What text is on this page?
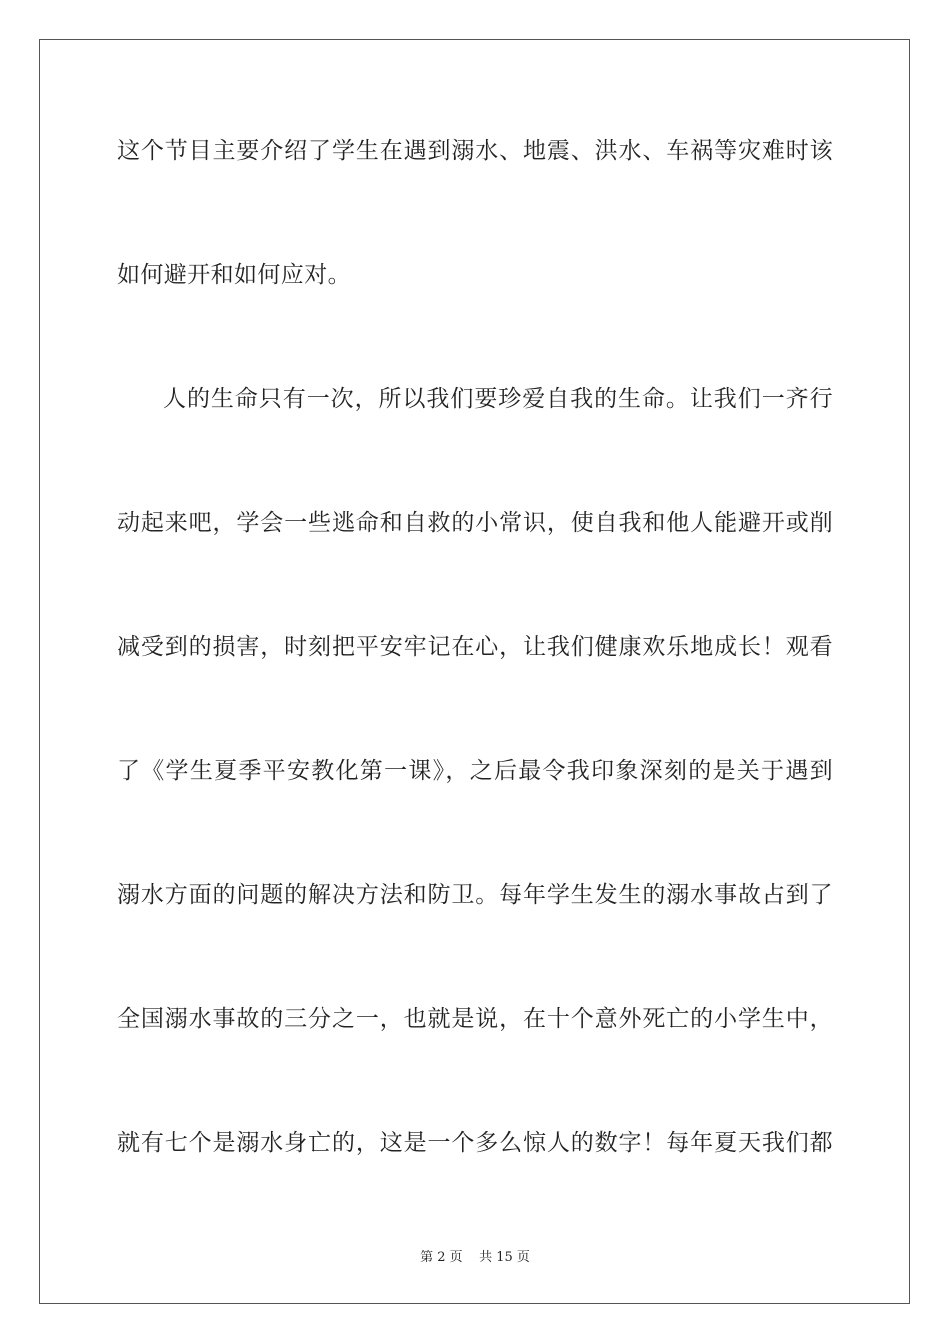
这个节目主要介绍了学生在遇到溺水、地震、洪水、车祸等灾难时该
如何避开和如何应对。
人的生命只有一次，所以我们要珍爱自我的生命。让我们一齐行
动起来吧，学会一些逃命和自救的小常识，使自我和他人能避开或削
减受到的损害，时刻把平安牢记在心，让我们健康欢乐地成长！观看
了《学生夏季平安教化第一课》，之后最令我印象深刻的是关于遇到
溺水方面的问题的解决方法和防卫。每年学生发生的溺水事故占到了
全国溺水事故的三分之一，也就是说，在十个意外死亡的小学生中，
就有七个是溺水身亡的，这是一个多么惊人的数字！每年夏天我们都
第 2 页    共 15 页
